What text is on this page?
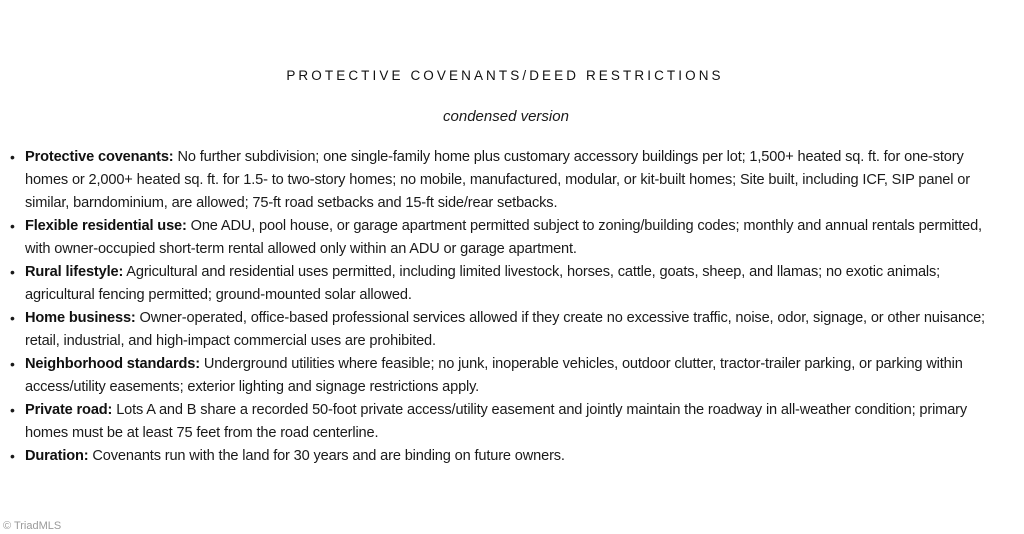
PROTECTIVE COVENANTS/DEED RESTRICTIONS
condensed version
• Protective covenants: No further subdivision; one single-family home plus customary accessory buildings per lot; 1,500+ heated sq. ft. for one-story homes or 2,000+ heated sq. ft. for 1.5- to two-story homes; no mobile, manufactured, modular, or kit-built homes; Site built, including ICF, SIP panel or similar, barndominium, are allowed; 75-ft road setbacks and 15-ft side/rear setbacks.
• Flexible residential use: One ADU, pool house, or garage apartment permitted subject to zoning/building codes; monthly and annual rentals permitted, with owner-occupied short-term rental allowed only within an ADU or garage apartment.
• Rural lifestyle: Agricultural and residential uses permitted, including limited livestock, horses, cattle, goats, sheep, and llamas; no exotic animals; agricultural fencing permitted; ground-mounted solar allowed.
• Home business: Owner-operated, office-based professional services allowed if they create no excessive traffic, noise, odor, signage, or other nuisance; retail, industrial, and high-impact commercial uses are prohibited.
• Neighborhood standards: Underground utilities where feasible; no junk, inoperable vehicles, outdoor clutter, tractor-trailer parking, or parking within access/utility easements; exterior lighting and signage restrictions apply.
• Private road: Lots A and B share a recorded 50-foot private access/utility easement and jointly maintain the roadway in all-weather condition; primary homes must be at least 75 feet from the road centerline.
• Duration: Covenants run with the land for 30 years and are binding on future owners.
© TriadMLS
